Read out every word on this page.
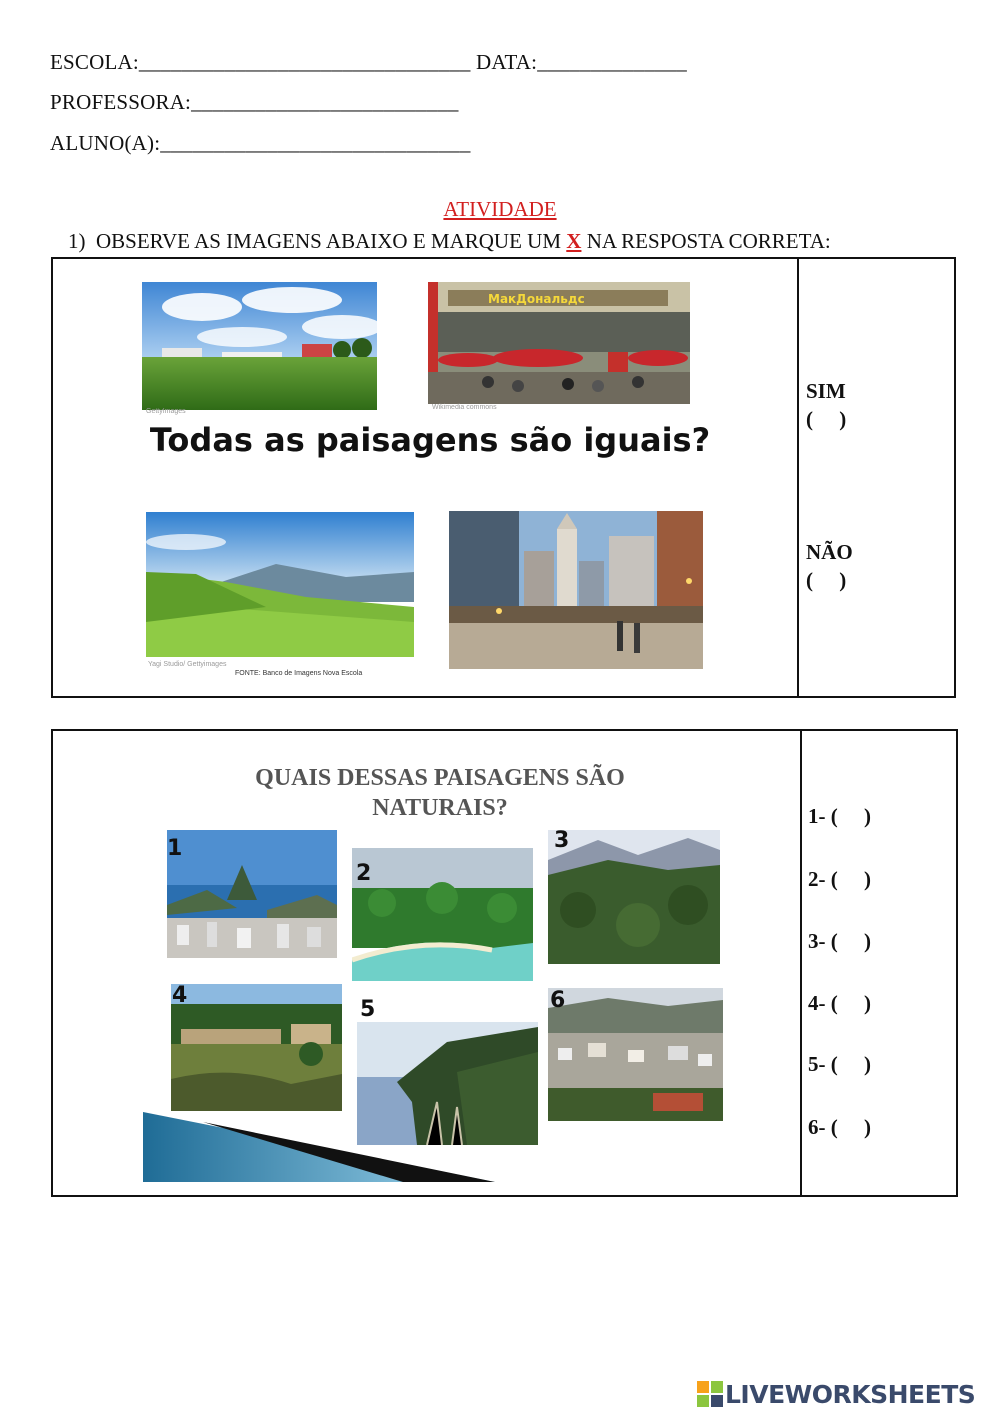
ESCOLA:_______________________________ DATA:______________
PROFESSORA:_________________________
ALUNO(A):_____________________________
ATIVIDADE
1)  OBSERVE AS IMAGENS ABAIXO E MARQUE UM X NA RESPOSTA CORRETA:
GettyImages
МакДональдс
Wikimedia commons
Todas as paisagens são iguais?
Yagi Studio/ Gettyimages
FONTE: Banco de Imagens Nova Escola
SIM
(     )
NÃO
(     )
QUAIS DESSAS PAISAGENS SÃO NATURAIS?
1
2
3
4
5	6
1- (     )
2- (     )
3- (     )
4- (     )
5- (     )
6- (     )
LIVEWORKSHEETS
